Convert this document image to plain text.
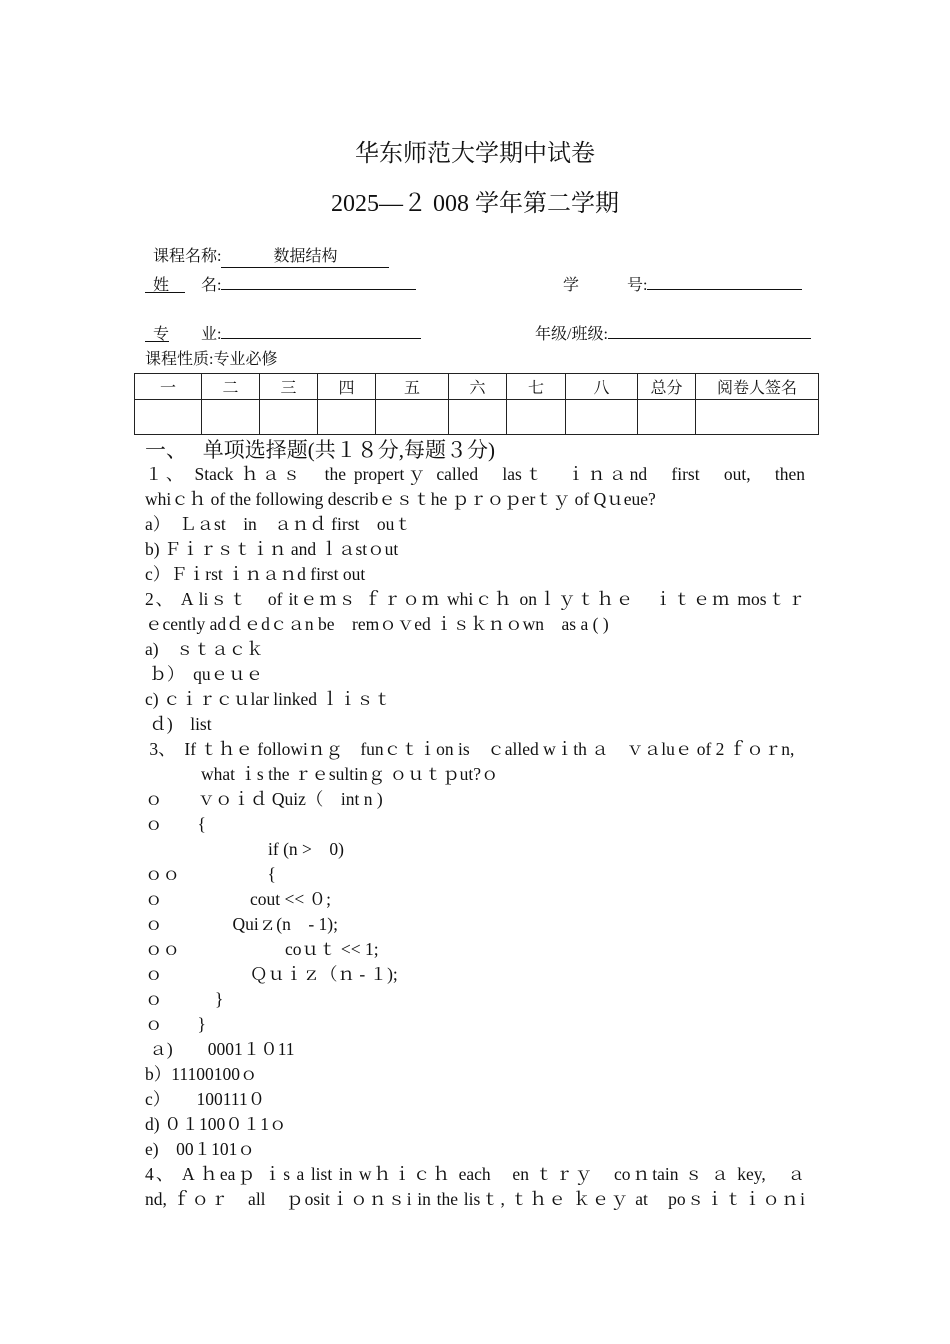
华东师范大学期中试卷
2025—２ 008 学年第二学期

课程名称:	数据结构

姓　　名:	学　　　号:

专　　业:	年级/班级:

课程性质:专业必修
一	二	三	四	五	六	七	八	总分	阅卷人签名

一、　 单项选择题(共１８分,每题３分)
１、 Stack ｈａｓ　the propertｙ called　lasｔ　ｉｎａnd　first　out,　then
whiｃｈ of the following describｅｓｔhe ｐｒｏｐerｔｙ of Qｕeue?
a）　Ｌａst　in　ａｎｄ first　ouｔ
b) Ｆｉｒｓｔｉｎ and ｌａstｏut
c）Ｆｉrst ｉｎａｎd first out
2、 A liｓｔ　of itｅｍｓ ｆｒｏｍ whiｃｈ onｌｙｔｈｅ　ｉｔｅｍ mosｔｒ
ｅcently adｄｅdｃａn be　remｏｖed ｉｓｋｎｏwn　as a ( )
a)　ｓｔａｃｋ
ｂ）　quｅｕｅ
c) ｃｉｒｃｕlar linked ｌｉｓｔ
ｄ)　list
3、　If ｔｈｅ followiｎｇ　funｃｔｉon is　ｃalled wｉth ａ　ｖａluｅ of 2 ｆｏｒn,
what ｉs the ｒｅsultinｇ ｏｕｔｐut?ｏ
ｏ　　ｖｏｉｄ Quiz（　int n )
ｏ　　{
if (n >　0)
ｏｏ　　　　　{
ｏ　　　　　cout << ０;
ｏ　　　　Quiｚ(n　- 1);
ｏｏ　　　　　　coｕｔ << 1;
ｏ　　　　　Ｑｕｉｚ（ｎ - １);
ｏ　　　}
ｏ　　}
ａ)　　0001１０11
b）11100100ｏ
c）　　100111０
d) ０１100０１1ｏ
e)　00１101ｏ
4、 A ｈeaｐ ｉs a list in wｈｉｃｈ each　en ｔｒｙ　coｎtain ｓ ａ key,　ａ
nd, ｆｏｒ　all　ｐositｉｏｎｓi in the lisｔ, ｔｈｅ ｋｅｙ at　poｓｉｔｉｏｎi
